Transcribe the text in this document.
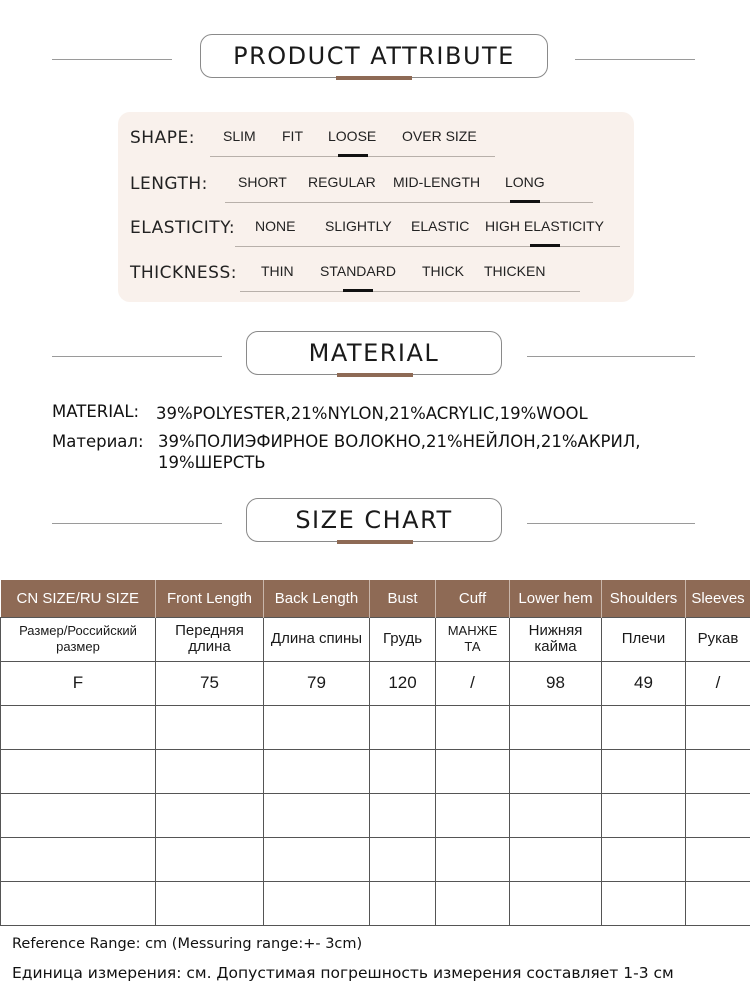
PRODUCT ATTRIBUTE
SHAPE: SLIM FIT LOOSE OVER SIZE
LENGTH: SHORT REGULAR MID-LENGTH LONG
ELASTICITY: NONE SLIGHTLY ELASTIC HIGH ELASTICITY
THICKNESS: THIN STANDARD THICK THICKEN
MATERIAL
MATERIAL: 39%POLYESTER,21%NYLON,21%ACRYLIC,19%WOOL
Материал: 39%ПОЛИЭФИРНОЕ ВОЛОКНО,21%НЕЙЛОН,21%АКРИЛ,
19%ШЕРСТЬ
SIZE CHART
CN SIZE/RU SIZE	Front Length	Back Length	Bust	Cuff	Lower hem	Shoulders	Sleeves
Размер/Российский размер	Передняя длина	Длина спины	Грудь	МАНЖЕТА	Нижняя кайма	Плечи	Рукав
F	75	79	120	/	98	49	/

Reference Range: cm (Messuring range:+- 3cm)
Единица измерения: см. Допустимая погрешность измерения составляет 1-3 см
